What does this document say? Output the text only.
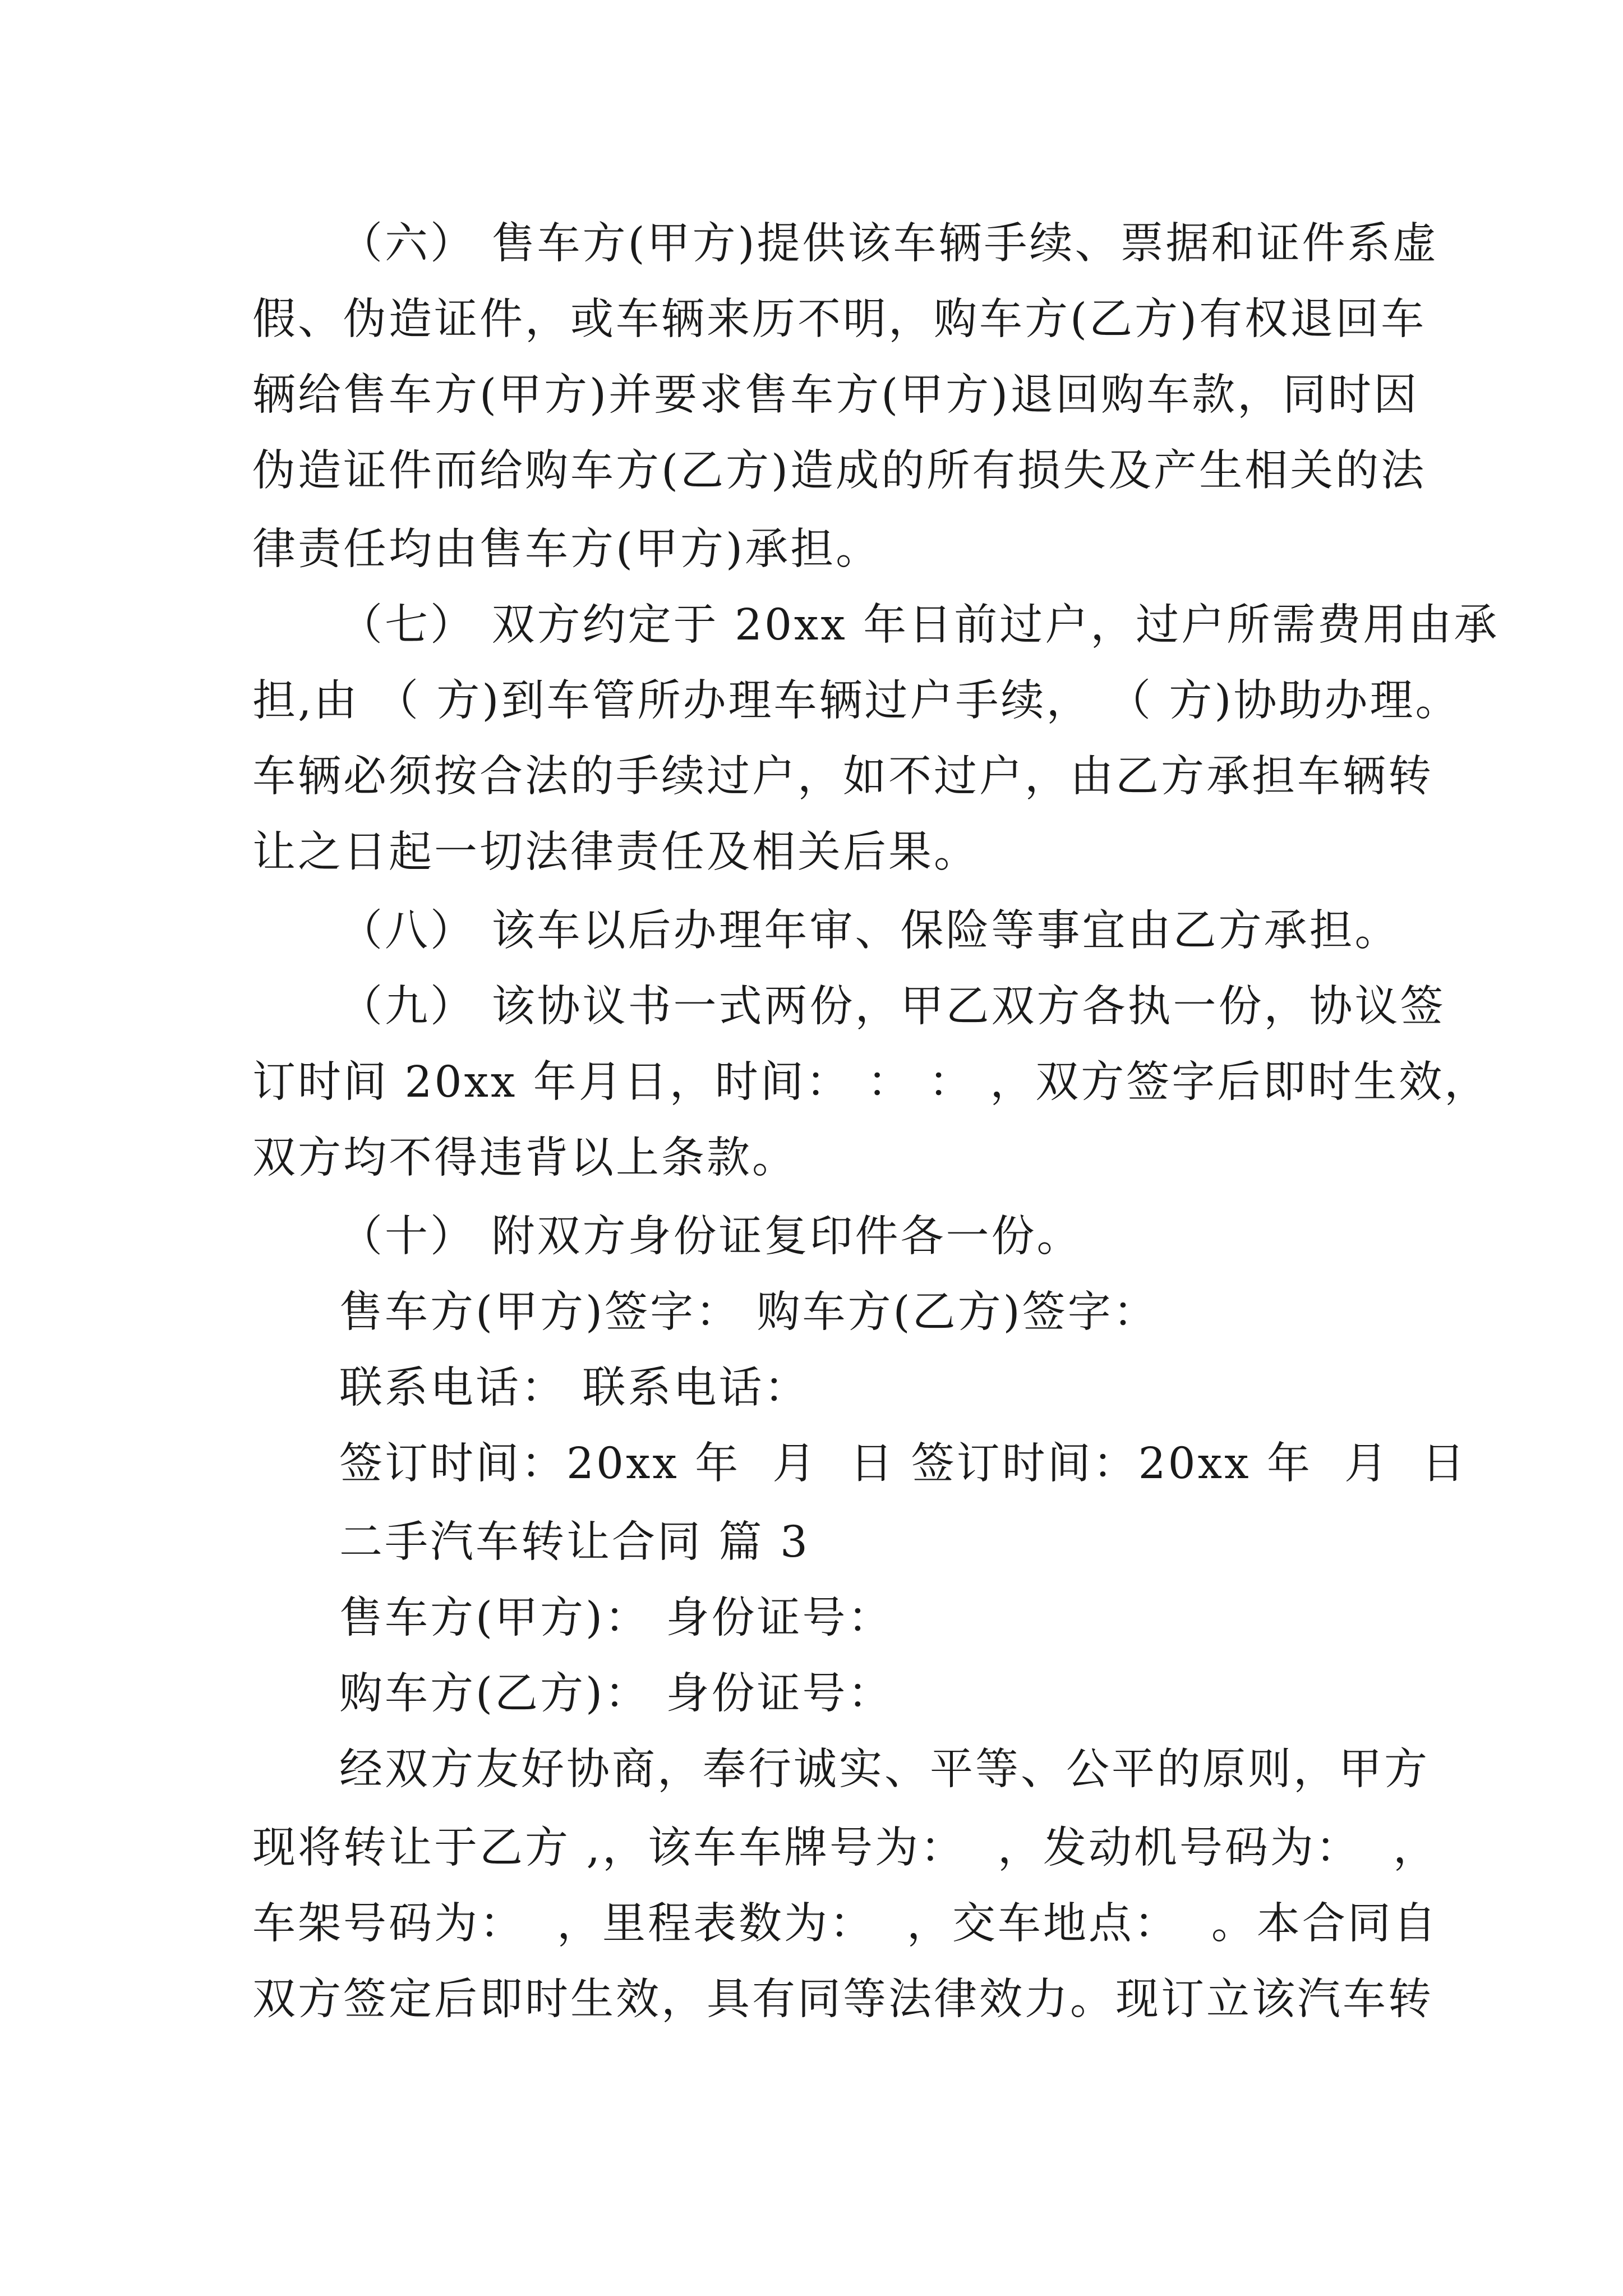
（六） 售车方(甲方)提供该车辆手续、票据和证件系虚
假、伪造证件，或车辆来历不明，购车方(乙方)有权退回车
辆给售车方(甲方)并要求售车方(甲方)退回购车款，同时因
伪造证件而给购车方(乙方)造成的所有损失及产生相关的法
律责任均由售车方(甲方)承担。
（七） 双方约定于 20xx 年日前过户，过户所需费用由承
担,由 （ 方)到车管所办理车辆过户手续， （ 方)协助办理。
车辆必须按合法的手续过户，如不过户，由乙方承担车辆转
让之日起一切法律责任及相关后果。
（八） 该车以后办理年审、保险等事宜由乙方承担。
（九） 该协议书一式两份，甲乙双方各执一份，协议签
订时间 20xx 年月日，时间： ： ： ，双方签字后即时生效，
双方均不得违背以上条款。
（十） 附双方身份证复印件各一份。
售车方(甲方)签字： 购车方(乙方)签字：
联系电话： 联系电话：
签订时间：20xx 年  月  日 签订时间：20xx 年  月  日
二手汽车转让合同 篇 3
售车方(甲方)： 身份证号：
购车方(乙方)： 身份证号：
经双方友好协商，奉行诚实、平等、公平的原则，甲方
现将转让于乙方 ,，该车车牌号为：  ，发动机号码为：  ，
车架号码为：  ，里程表数为：  ，交车地点：  。本合同自
双方签定后即时生效，具有同等法律效力。现订立该汽车转
